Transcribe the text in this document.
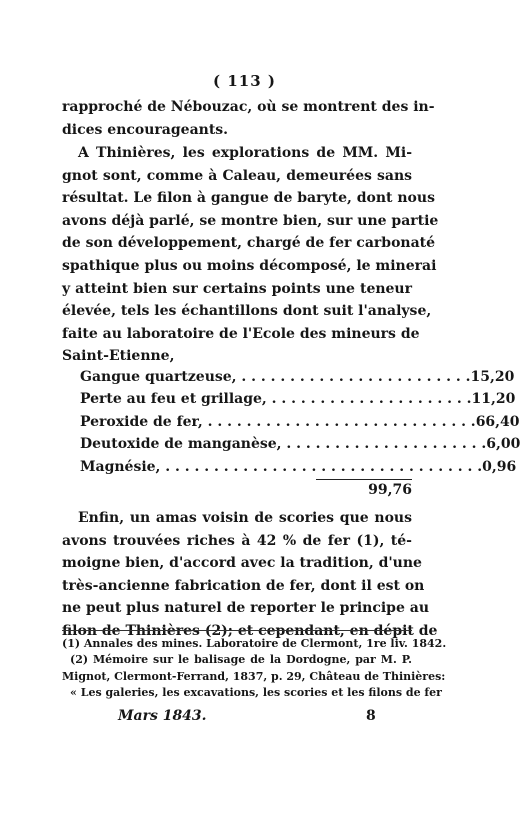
( 113 )
rapproché de Nébouzac, où se montrent des in-
dices encourageants.
A Thinières, les explorations de MM. Mi-
gnot sont, comme à Caleau, demeurées sans
résultat. Le filon à gangue de baryte, dont nous
avons déjà parlé, se montre bien, sur une partie
de son développement, chargé de fer carbonaté
spathique plus ou moins décomposé, le minerai
y atteint bien sur certains points une teneur
élevée, tels les échantillons dont suit l'analyse,
faite au laboratoire de l'Ecole des mineurs de
Saint-Etienne,
Gangue quartzeuse, . . . . . . . . . . . . . . . . . . . . . . . . 15,20
Perte au feu et grillage, . . . . . . . . . . . . . . . . . . . . . 11,20
Peroxide de fer, . . . . . . . . . . . . . . . . . . . . . . . . . . . . 66,40
Deutoxide de manganèse, . . . . . . . . . . . . . . . . . . . . . 6,00
Magnésie, . . . . . . . . . . . . . . . . . . . . . . . . . . . . . . . . . 0,96
99,76
Enfin, un amas voisin de scories que nous
avons trouvées riches à 42 % de fer (1), té-
moigne bien, d'accord avec la tradition, d'une
très-ancienne fabrication de fer, dont il est on
ne peut plus naturel de reporter le principe au
filon de Thinières (2); et cependant, en dépit de
(1) Annales des mines. Laboratoire de Clermont, 1re liv. 1842.
(2) Mémoire sur le balisage de la Dordogne, par M. P.
Mignot, Clermont-Ferrand, 1837, p. 29, Château de Thinières:
« Les galeries, les excavations, les scories et les filons de fer
Mars 1843.	8
